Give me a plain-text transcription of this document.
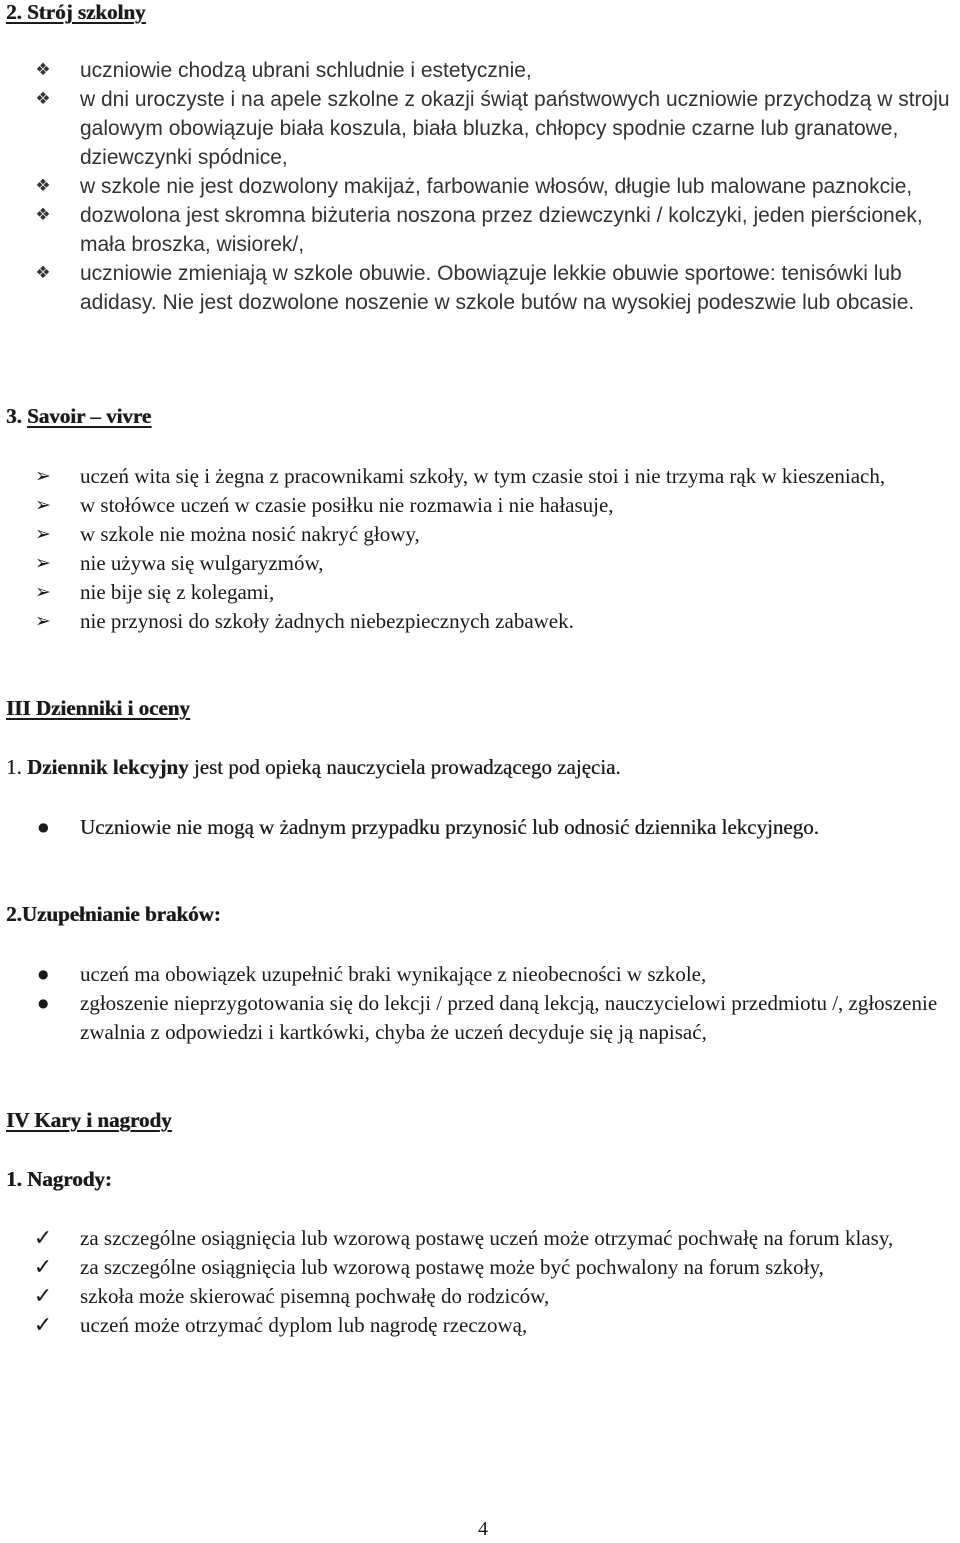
2. Strój szkolny
❖ uczniowie chodzą ubrani schludnie i estetycznie,
❖ w dni uroczyste i na apele szkolne z okazji świąt państwowych uczniowie przychodzą w stroju galowym obowiązuje biała koszula, biała bluzka, chłopcy spodnie czarne lub granatowe, dziewczynki spódnice,
❖ w szkole nie jest dozwolony makijaż, farbowanie włosów, długie lub malowane paznokcie,
❖ dozwolona jest skromna biżuteria noszona przez dziewczynki / kolczyki, jeden pierścionek, mała broszka, wisiorek/,
❖ uczniowie zmieniają w szkole obuwie. Obowiązuje lekkie obuwie sportowe: tenisówki lub adidasy. Nie jest dozwolone noszenie w szkole butów na wysokiej podeszwie lub obcasie.
3. Savoir – vivre
➢ uczeń wita się i żegna z pracownikami szkoły, w tym czasie stoi i nie trzyma rąk w kieszeniach,
➢ w stołówce uczeń w czasie posiłku nie rozmawia i nie hałasuje,
➢ w szkole nie można nosić nakryć głowy,
➢ nie używa się wulgaryzmów,
➢ nie bije się z kolegami,
➢ nie przynosi do szkoły żadnych niebezpiecznych zabawek.
III Dzienniki i oceny
1. Dziennik lekcyjny jest pod opieką nauczyciela prowadzącego zajęcia.
● Uczniowie nie mogą w żadnym przypadku przynosić lub odnosić dziennika lekcyjnego.
2.Uzupełnianie braków:
● uczeń ma obowiązek uzupełnić braki wynikające z nieobecności w szkole,
● zgłoszenie nieprzygotowania się do lekcji / przed daną lekcją, nauczycielowi przedmiotu /, zgłoszenie zwalnia z odpowiedzi i kartkówki, chyba że uczeń decyduje się ją napisać,
IV Kary i nagrody
1. Nagrody:
✓ za szczególne osiągnięcia lub wzorową postawę uczeń może otrzymać pochwałę na forum klasy,
✓ za szczególne osiągnięcia lub wzorową postawę może być pochwalony na forum szkoły,
✓ szkoła może skierować pisemną pochwałę do rodziców,
✓ uczeń może otrzymać dyplom lub nagrodę rzeczową,
4
